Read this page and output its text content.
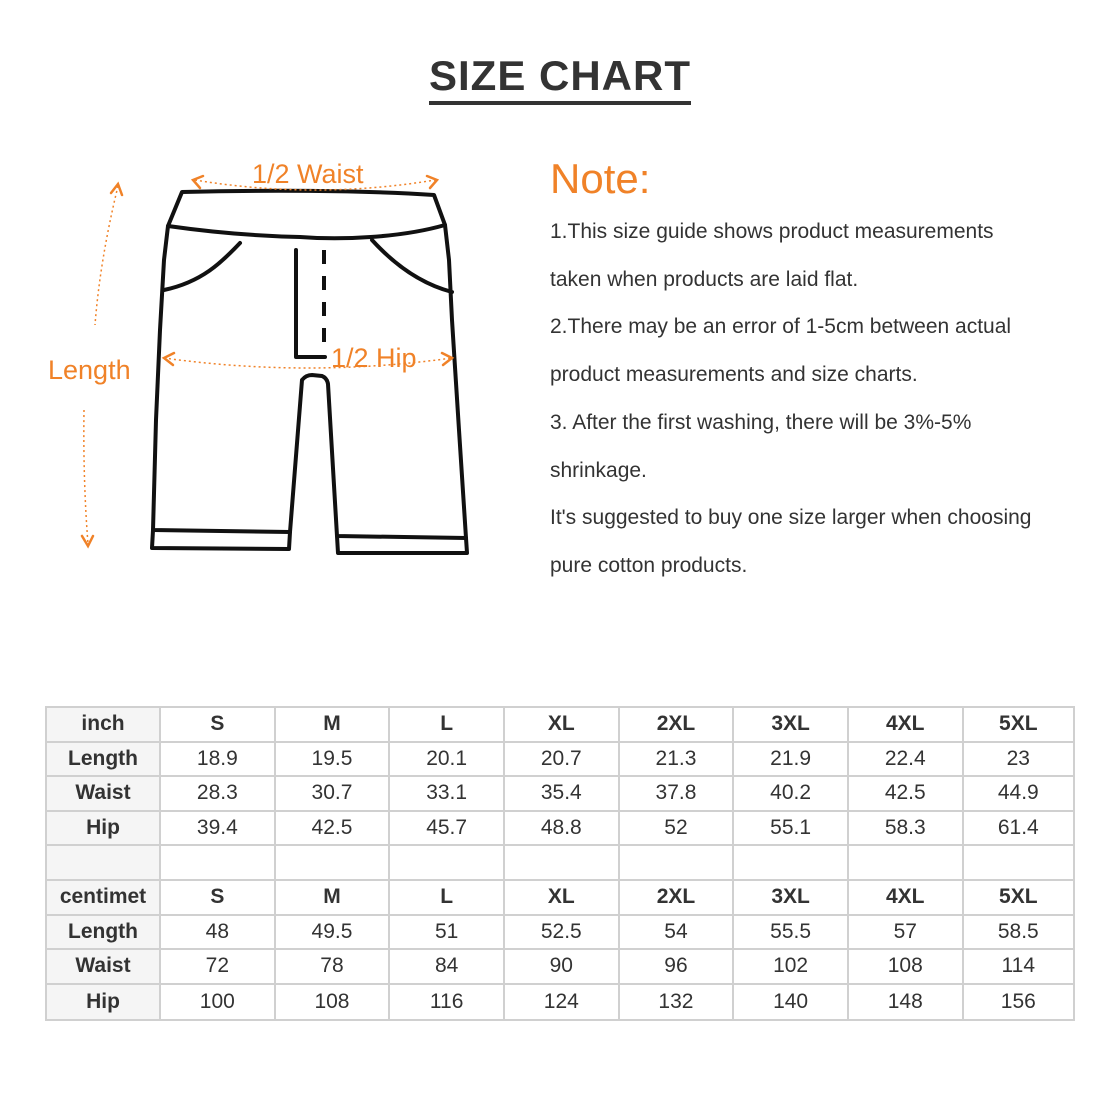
SIZE CHART
1/2 Waist
1/2 Hip
Length
Note:
1.This size guide shows product measurements
taken when products are laid flat.
2.There may be an error of 1-5cm between actual
product measurements and size charts.
3. After the first washing, there will be 3%-5%
shrinkage.
It's suggested to buy one size larger when choosing
pure cotton products.
inch	S	M	L	XL	2XL	3XL	4XL	5XL
Length	18.9	19.5	20.1	20.7	21.3	21.9	22.4	23
Waist	28.3	30.7	33.1	35.4	37.8	40.2	42.5	44.9
Hip	39.4	42.5	45.7	48.8	52	55.1	58.3	61.4

centimet	S	M	L	XL	2XL	3XL	4XL	5XL
Length	48	49.5	51	52.5	54	55.5	57	58.5
Waist	72	78	84	90	96	102	108	114
Hip	100	108	116	124	132	140	148	156
